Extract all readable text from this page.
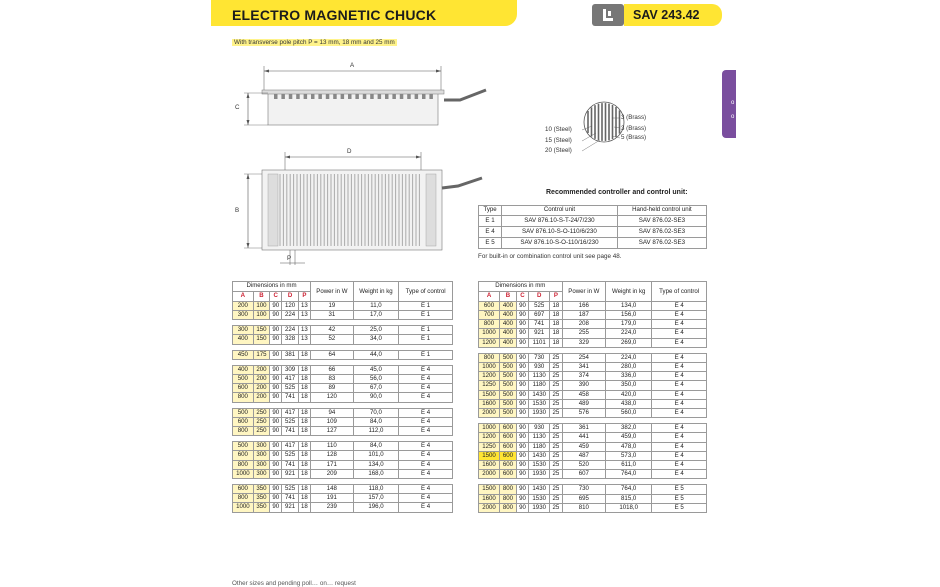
ELECTRO MAGNETIC CHUCK
With transverse pole pitch P = 13 mm, 18 mm and 25 mm
SAV 243.42
o
o
A
C
D
B
P
10 (Steel)
15 (Steel)
20 (Steel)
3 (Brass)
3 (Brass)
5 (Brass)
Recommended controller and control unit:
Type	Control unit	Hand-held control unit
E 1	SAV 876.10-S-T-24/7/230	SAV 876.02-SE3
E 4	SAV 876.10-S-O-110/6/230	SAV 876.02-SE3
E 5	SAV 876.10-S-O-110/16/230	SAV 876.02-SE3
For built-in or combination control unit see page 48.
Dimensions in mm					Power in W	Weight in kg	Type of control
A	B	C	D	P			
200	100	90	120	13	19	11,0	E 1
300	100	90	224	13	31	17,0	E 1

300	150	90	224	13	42	25,0	E 1
400	150	90	328	13	52	34,0	E 1

450	175	90	381	18	64	44,0	E 1

400	200	90	309	18	66	45,0	E 4
500	200	90	417	18	83	56,0	E 4
600	200	90	525	18	89	67,0	E 4
800	200	90	741	18	120	90,0	E 4

500	250	90	417	18	94	70,0	E 4
600	250	90	525	18	109	84,0	E 4
800	250	90	741	18	127	112,0	E 4

500	300	90	417	18	110	84,0	E 4
600	300	90	525	18	128	101,0	E 4
800	300	90	741	18	171	134,0	E 4
1000	300	90	921	18	209	168,0	E 4

600	350	90	525	18	148	118,0	E 4
800	350	90	741	18	191	157,0	E 4
1000	350	90	921	18	239	196,0	E 4
Dimensions in mm					Power in W	Weight in kg	Type of control
A	B	C	D	P			
600	400	90	525	18	166	134,0	E 4
700	400	90	697	18	187	156,0	E 4
800	400	90	741	18	208	179,0	E 4
1000	400	90	921	18	255	224,0	E 4
1200	400	90	1101	18	329	269,0	E 4

800	500	90	730	25	254	224,0	E 4
1000	500	90	930	25	341	280,0	E 4
1200	500	90	1130	25	374	336,0	E 4
1250	500	90	1180	25	390	350,0	E 4
1500	500	90	1430	25	458	420,0	E 4
1600	500	90	1530	25	489	438,0	E 4
2000	500	90	1930	25	576	560,0	E 4

1000	600	90	930	25	361	382,0	E 4
1200	600	90	1130	25	441	459,0	E 4
1250	600	90	1180	25	459	478,0	E 4
1500	600	90	1430	25	487	573,0	E 4
1600	600	90	1530	25	520	611,0	E 4
2000	600	90	1930	25	607	764,0	E 4

1500	800	90	1430	25	730	764,0	E 5
1600	800	90	1530	25	695	815,0	E 5
2000	800	90	1930	25	810	1018,0	E 5
Other sizes and pending poll… on… request
